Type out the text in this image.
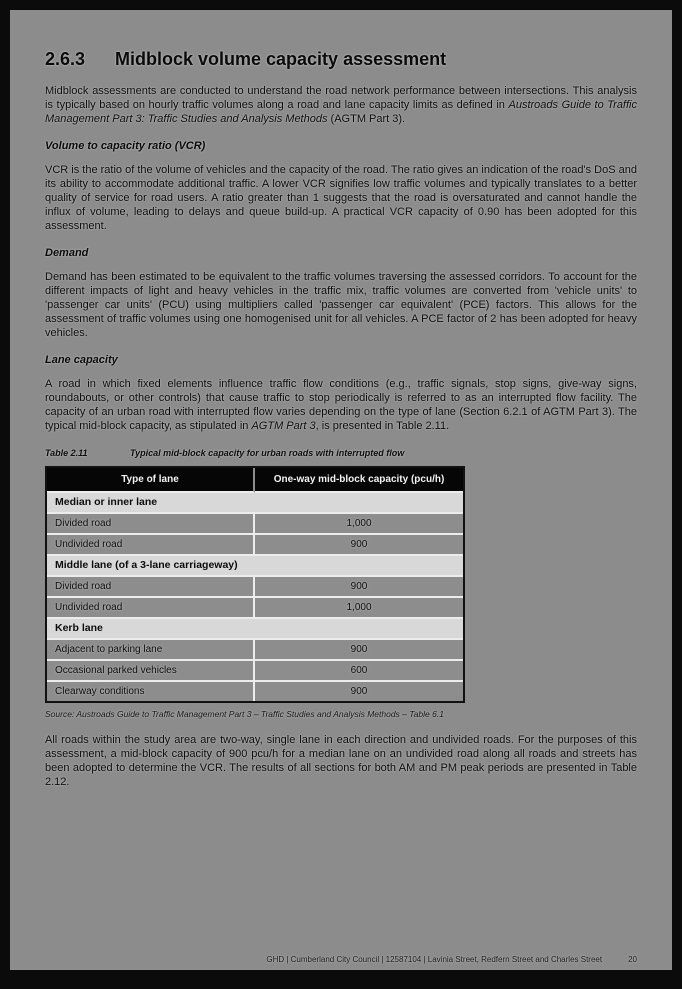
2.6.3 Midblock volume capacity assessment

Midblock assessments are conducted to understand the road network performance between intersections. This analysis is typically based on hourly traffic volumes along a road and lane capacity limits as defined in Austroads Guide to Traffic Management Part 3: Traffic Studies and Analysis Methods (AGTM Part 3).

Volume to capacity ratio (VCR)

VCR is the ratio of the volume of vehicles and the capacity of the road. The ratio gives an indication of the road's DoS and its ability to accommodate additional traffic. A lower VCR signifies low traffic volumes and typically translates to a better quality of service for road users. A ratio greater than 1 suggests that the road is oversaturated and cannot handle the influx of volume, leading to delays and queue build-up. A practical VCR capacity of 0.90 has been adopted for this assessment.

Demand

Demand has been estimated to be equivalent to the traffic volumes traversing the assessed corridors. To account for the different impacts of light and heavy vehicles in the traffic mix, traffic volumes are converted from 'vehicle units' to 'passenger car units' (PCU) using multipliers called 'passenger car equivalent' (PCE) factors. This allows for the assessment of traffic volumes using one homogenised unit for all vehicles. A PCE factor of 2 has been adopted for heavy vehicles.

Lane capacity

A road in which fixed elements influence traffic flow conditions (e.g., traffic signals, stop signs, give-way signs, roundabouts, or other controls) that cause traffic to stop periodically is referred to as an interrupted flow facility. The capacity of an urban road with interrupted flow varies depending on the type of lane (Section 6.2.1 of AGTM Part 3). The typical mid-block capacity, as stipulated in AGTM Part 3, is presented in Table 2.11.

Table 2.11	Typical mid-block capacity for urban roads with interrupted flow
Type of lane	One-way mid-block capacity (pcu/h)
Median or inner lane	
Divided road	1,000
Undivided road	900
Middle lane (of a 3-lane carriageway)	
Divided road	900
Undivided road	1,000
Kerb lane	
Adjacent to parking lane	900
Occasional parked vehicles	600
Clearway conditions	900
Source: Austroads Guide to Traffic Management Part 3 – Traffic Studies and Analysis Methods – Table 6.1

All roads within the study area are two-way, single lane in each direction and undivided roads. For the purposes of this assessment, a mid-block capacity of 900 pcu/h for a median lane on an undivided road along all roads and streets has been adopted to determine the VCR. The results of all sections for both AM and PM peak periods are presented in Table 2.12.

GHD | Cumberland City Council | 12587104 | Lavinia Street, Redfern Street and Charles Street	20
